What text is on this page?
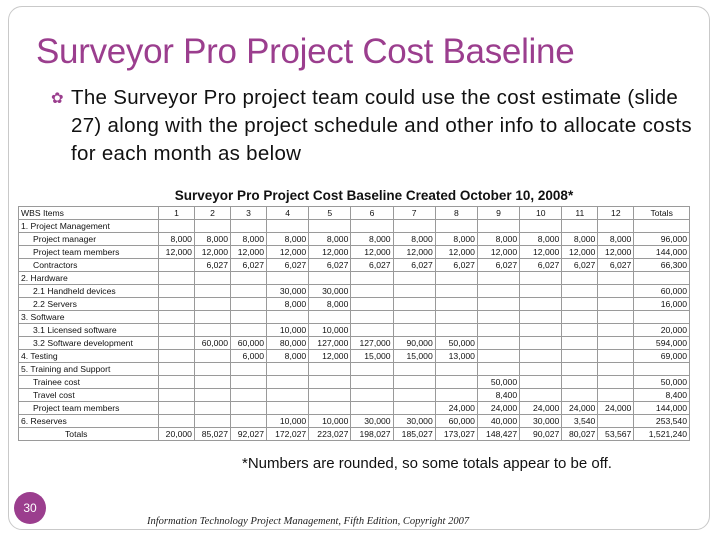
Surveyor Pro Project Cost Baseline
✿ The Surveyor Pro project team could use the cost estimate (slide 27) along with the project schedule and other info to allocate costs for each month as below
Surveyor Pro Project Cost Baseline Created October 10, 2008*
WBS Items	1	2	3	4	5	6	7	8	9	10	11	12	Totals
1. Project Management													
Project manager	8,000	8,000	8,000	8,000	8,000	8,000	8,000	8,000	8,000	8,000	8,000	8,000	96,000
Project team members	12,000	12,000	12,000	12,000	12,000	12,000	12,000	12,000	12,000	12,000	12,000	12,000	144,000
Contractors		6,027	6,027	6,027	6,027	6,027	6,027	6,027	6,027	6,027	6,027	6,027	66,300
2. Hardware													
2.1 Handheld devices				30,000	30,000								60,000
2.2 Servers				8,000	8,000								16,000
3. Software													
3.1 Licensed software				10,000	10,000								20,000
3.2 Software development		60,000	60,000	80,000	127,000	127,000	90,000	50,000					594,000
4. Testing			6,000	8,000	12,000	15,000	15,000	13,000					69,000
5. Training and Support													
Trainee cost									50,000				50,000
Travel cost									8,400				8,400
Project team members								24,000	24,000	24,000	24,000	24,000	144,000
6. Reserves				10,000	10,000	30,000	30,000	60,000	40,000	30,000	3,540		253,540
Totals	20,000	85,027	92,027	172,027	223,027	198,027	185,027	173,027	148,427	90,027	80,027	53,567	1,521,240
*Numbers are rounded, so some totals appear to be off.
30
Information Technology Project Management, Fifth Edition, Copyright 2007
